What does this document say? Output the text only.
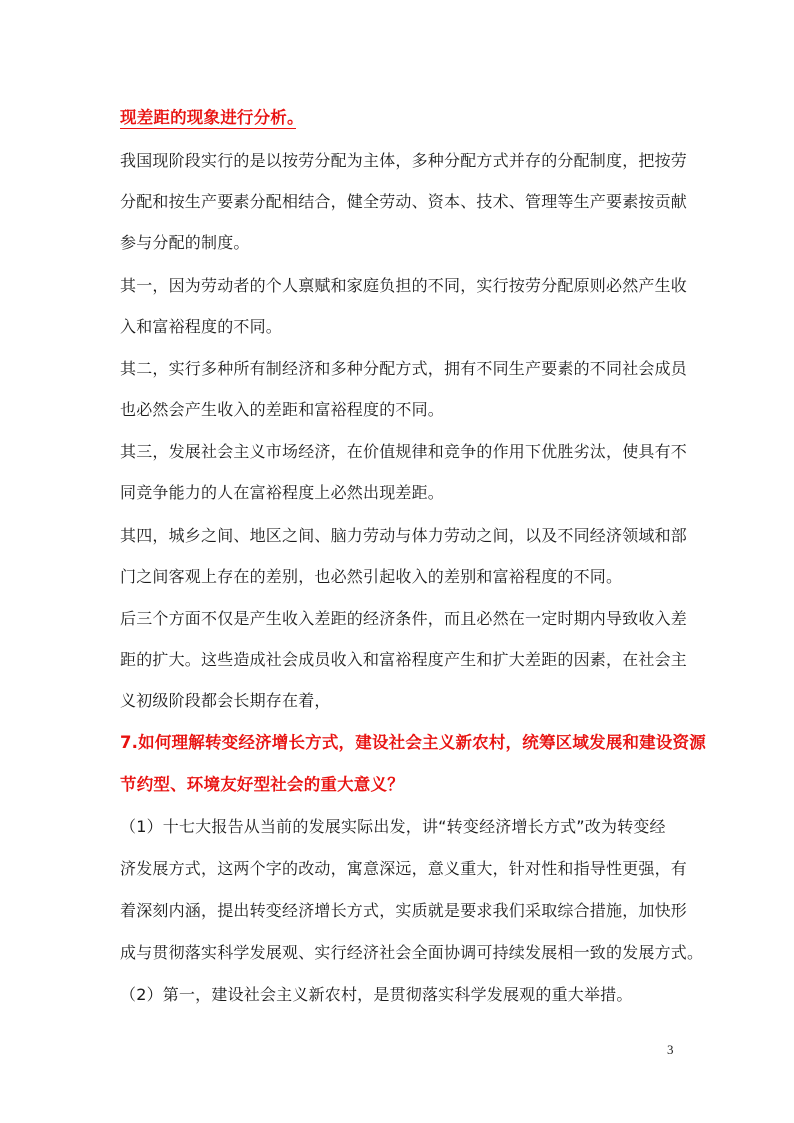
现差距的现象进行分析。

我国现阶段实行的是以按劳分配为主体，多种分配方式并存的分配制度，把按劳

分配和按生产要素分配相结合，健全劳动、资本、技术、管理等生产要素按贡献

参与分配的制度。

其一，因为劳动者的个人禀赋和家庭负担的不同，实行按劳分配原则必然产生收

入和富裕程度的不同。

其二，实行多种所有制经济和多种分配方式，拥有不同生产要素的不同社会成员

也必然会产生收入的差距和富裕程度的不同。

其三，发展社会主义市场经济，在价值规律和竞争的作用下优胜劣汰，使具有不

同竞争能力的人在富裕程度上必然出现差距。

其四，城乡之间、地区之间、脑力劳动与体力劳动之间，以及不同经济领域和部

门之间客观上存在的差别，也必然引起收入的差别和富裕程度的不同。

后三个方面不仅是产生收入差距的经济条件，而且必然在一定时期内导致收入差

距的扩大。这些造成社会成员收入和富裕程度产生和扩大差距的因素，在社会主

义初级阶段都会长期存在着，

7.如何理解转变经济增长方式，建设社会主义新农村，统筹区域发展和建设资源

节约型、环境友好型社会的重大意义？

（1）十七大报告从当前的发展实际出发，讲“转变经济增长方式”改为转变经

济发展方式，这两个字的改动，寓意深远，意义重大，针对性和指导性更强，有

着深刻内涵，提出转变经济增长方式，实质就是要求我们采取综合措施，加快形

成与贯彻落实科学发展观、实行经济社会全面协调可持续发展相一致的发展方式。

（2）第一，建设社会主义新农村，是贯彻落实科学发展观的重大举措。

3
